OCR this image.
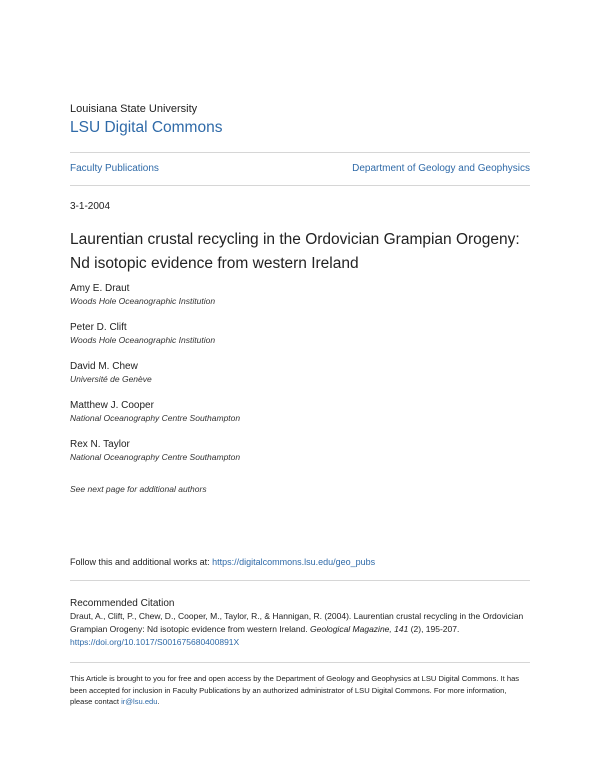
Louisiana State University
LSU Digital Commons
Faculty Publications	Department of Geology and Geophysics
3-1-2004
Laurentian crustal recycling in the Ordovician Grampian Orogeny: Nd isotopic evidence from western Ireland
Amy E. Draut
Woods Hole Oceanographic Institution
Peter D. Clift
Woods Hole Oceanographic Institution
David M. Chew
Université de Genève
Matthew J. Cooper
National Oceanography Centre Southampton
Rex N. Taylor
National Oceanography Centre Southampton
See next page for additional authors
Follow this and additional works at: https://digitalcommons.lsu.edu/geo_pubs
Recommended Citation
Draut, A., Clift, P., Chew, D., Cooper, M., Taylor, R., & Hannigan, R. (2004). Laurentian crustal recycling in the Ordovician Grampian Orogeny: Nd isotopic evidence from western Ireland. Geological Magazine, 141 (2), 195-207. https://doi.org/10.1017/S001675680400891X
This Article is brought to you for free and open access by the Department of Geology and Geophysics at LSU Digital Commons. It has been accepted for inclusion in Faculty Publications by an authorized administrator of LSU Digital Commons. For more information, please contact ir@lsu.edu.
